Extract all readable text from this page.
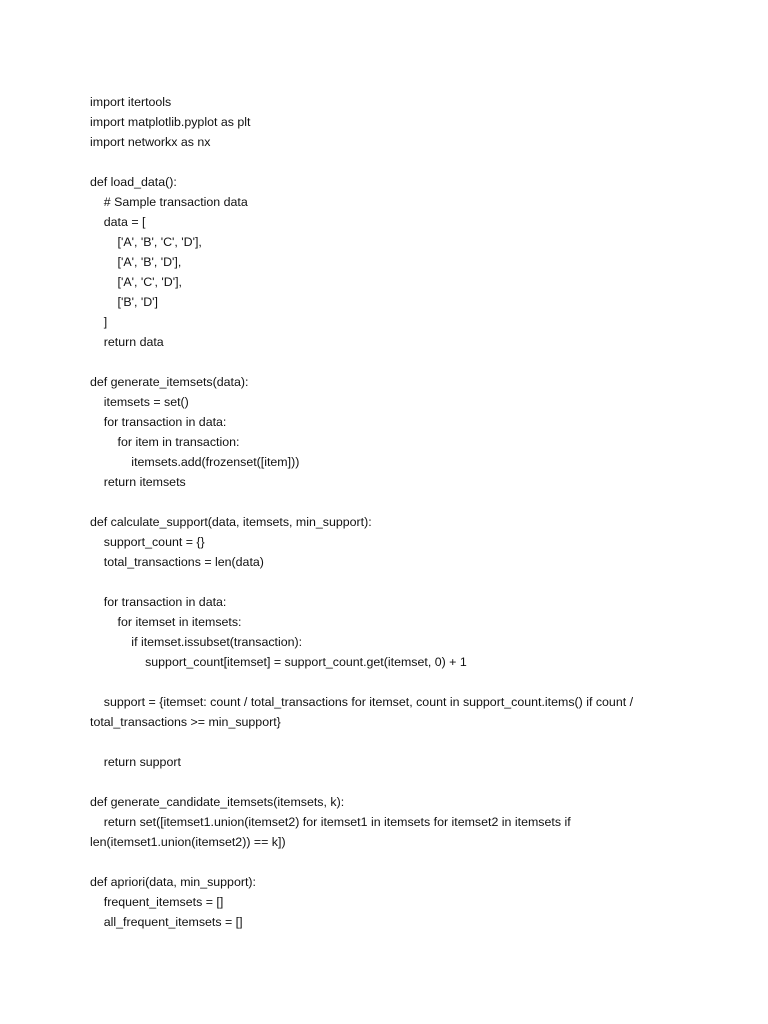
import itertools
import matplotlib.pyplot as plt
import networkx as nx
def load_data():
# Sample transaction data
data = [
['A', 'B', 'C', 'D'],
['A', 'B', 'D'],
['A', 'C', 'D'],
['B', 'D']
]
return data
def generate_itemsets(data):
itemsets = set()
for transaction in data:
for item in transaction:
itemsets.add(frozenset([item]))
return itemsets
def calculate_support(data, itemsets, min_support):
support_count = {}
total_transactions = len(data)
for transaction in data:
for itemset in itemsets:
if itemset.issubset(transaction):
support_count[itemset] = support_count.get(itemset, 0) + 1
support = {itemset: count / total_transactions for itemset, count in support_count.items() if count /
total_transactions >= min_support}
return support
def generate_candidate_itemsets(itemsets, k):
return set([itemset1.union(itemset2) for itemset1 in itemsets for itemset2 in itemsets if
len(itemset1.union(itemset2)) == k])
def apriori(data, min_support):
frequent_itemsets = []
all_frequent_itemsets = []
